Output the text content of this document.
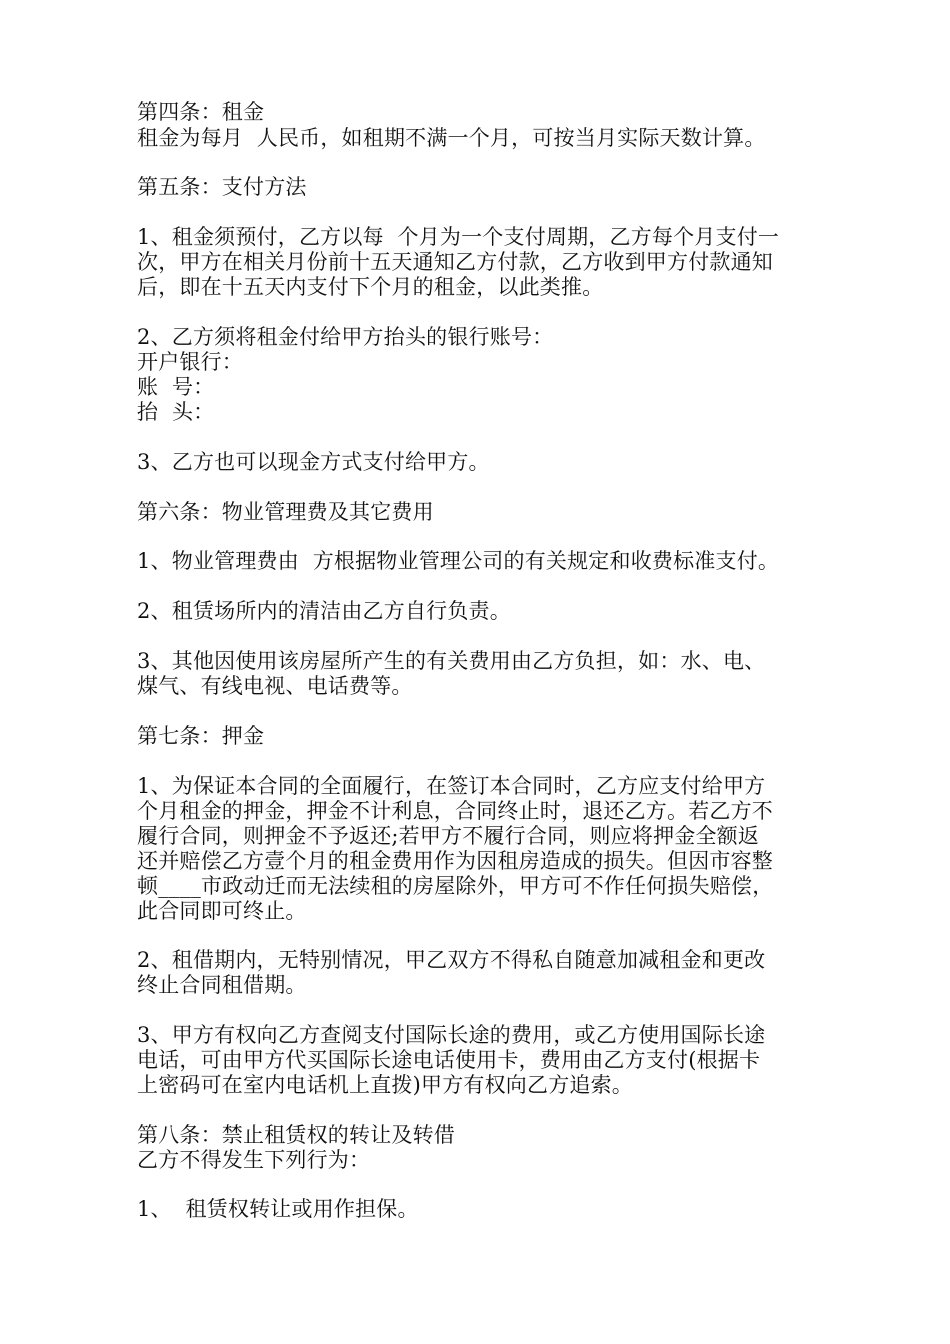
第四条：租金
租金为每月  人民币，如租期不满一个月，可按当月实际天数计算。
第五条：支付方法
1、租金须预付，乙方以每  个月为一个支付周期，乙方每个月支付一
次，甲方在相关月份前十五天通知乙方付款，乙方收到甲方付款通知
后，即在十五天内支付下个月的租金，以此类推。
2、乙方须将租金付给甲方抬头的银行账号：
开户银行：
账  号：
抬  头：
3、乙方也可以现金方式支付给甲方。
第六条：物业管理费及其它费用
1、物业管理费由  方根据物业管理公司的有关规定和收费标准支付。
2、租赁场所内的清洁由乙方自行负责。
3、其他因使用该房屋所产生的有关费用由乙方负担，如：水、电、
煤气、有线电视、电话费等。
第七条：押金
1、为保证本合同的全面履行，在签订本合同时，乙方应支付给甲方
个月租金的押金，押金不计利息，合同终止时，退还乙方。若乙方不
履行合同，则押金不予返还;若甲方不履行合同，则应将押金全额返
还并赔偿乙方壹个月的租金费用作为因租房造成的损失。但因市容整
顿____市政动迁而无法续租的房屋除外，甲方可不作任何损失赔偿，
此合同即可终止。
2、租借期内，无特别情况，甲乙双方不得私自随意加减租金和更改
终止合同租借期。
3、甲方有权向乙方查阅支付国际长途的费用，或乙方使用国际长途
电话，可由甲方代买国际长途电话使用卡，费用由乙方支付(根据卡
上密码可在室内电话机上直拨)甲方有权向乙方追索。
第八条：禁止租赁权的转让及转借
乙方不得发生下列行为：
1、  租赁权转让或用作担保。
